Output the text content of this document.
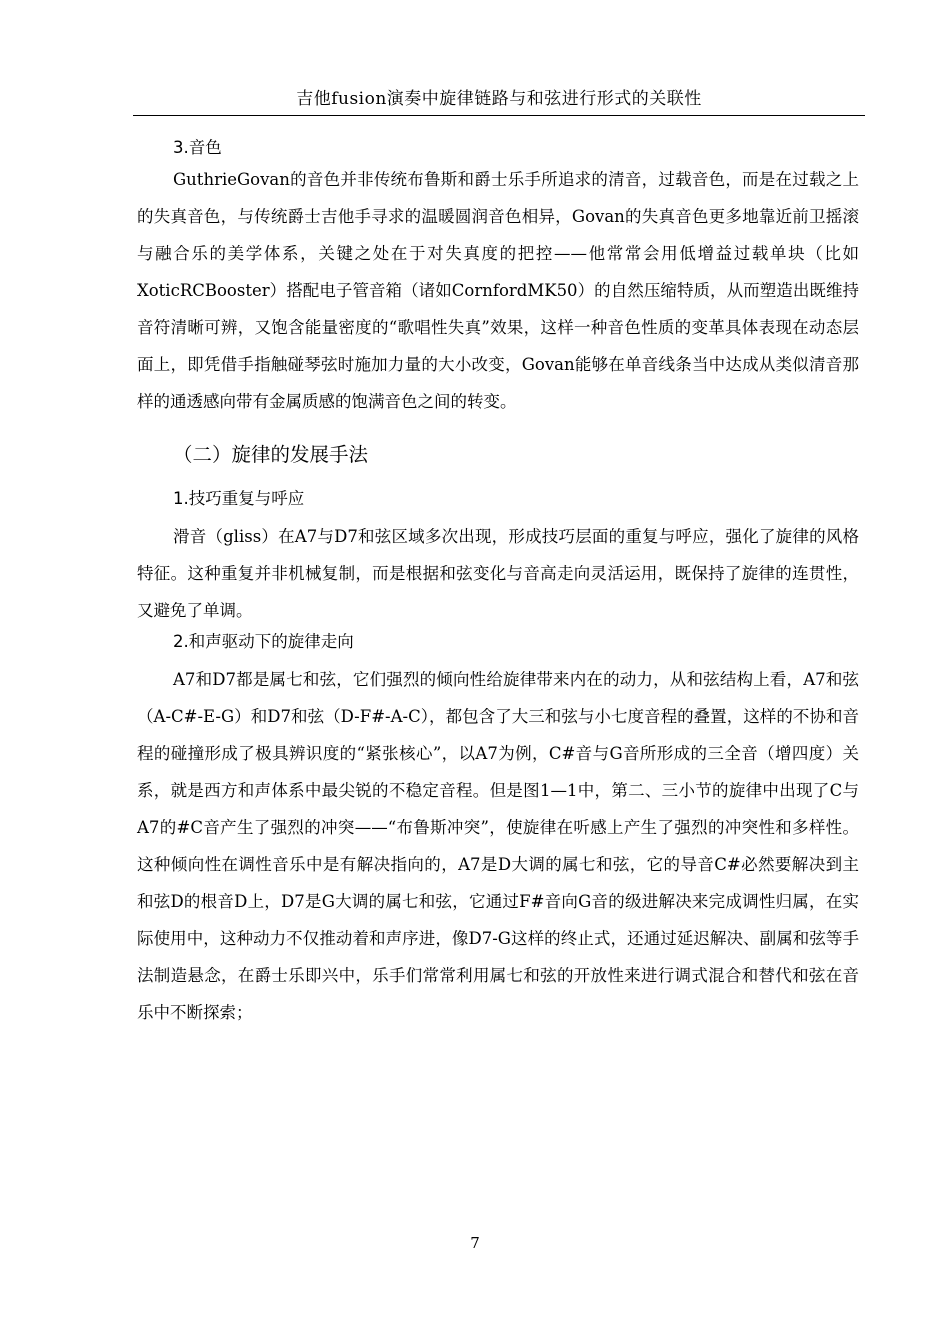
吉他fusion演奏中旋律链路与和弦进行形式的关联性
3.音色

GuthrieGovan的音色并非传统布鲁斯和爵士乐手所追求的清音，过载音色，而是在过载之上的失真音色，与传统爵士吉他手寻求的温暖圆润音色相异，Govan的失真音色更多地靠近前卫摇滚与融合乐的美学体系，关键之处在于对失真度的把控——他常常会用低增益过载单块（比如XoticRCBooster）搭配电子管音箱（诸如CornfordMK50）的自然压缩特质，从而塑造出既维持音符清晰可辨，又饱含能量密度的“歌唱性失真”效果，这样一种音色性质的变革具体表现在动态层面上，即凭借手指触碰琴弦时施加力量的大小改变，Govan能够在单音线条当中达成从类似清音那样的通透感向带有金属质感的饱满音色之间的转变。

（二）旋律的发展手法
1.技巧重复与呼应

滑音（gliss）在A7与D7和弦区域多次出现，形成技巧层面的重复与呼应，强化了旋律的风格特征。这种重复并非机械复制，而是根据和弦变化与音高走向灵活运用，既保持了旋律的连贯性，又避免了单调。

2.和声驱动下的旋律走向

A7和D7都是属七和弦，它们强烈的倾向性给旋律带来内在的动力，从和弦结构上看，A7和弦（A-C#-E-G）和D7和弦（D-F#-A-C），都包含了大三和弦与小七度音程的叠置，这样的不协和音程的碰撞形成了极具辨识度的“紧张核心”，以A7为例，C#音与G音所形成的三全音（增四度）关系，就是西方和声体系中最尖锐的不稳定音程。但是图1—1中，第二、三小节的旋律中出现了C与A7的#C音产生了强烈的冲突——“布鲁斯冲突”，使旋律在听感上产生了强烈的冲突性和多样性。这种倾向性在调性音乐中是有解决指向的，A7是D大调的属七和弦，它的导音C#必然要解决到主和弦D的根音D上，D7是G大调的属七和弦，它通过F#音向G音的级进解决来完成调性归属，在实际使用中，这种动力不仅推动着和声序进，像D7-G这样的终止式，还通过延迟解决、副属和弦等手法制造悬念，在爵士乐即兴中，乐手们常常利用属七和弦的开放性来进行调式混合和替代和弦在音乐中不断探索；

7
